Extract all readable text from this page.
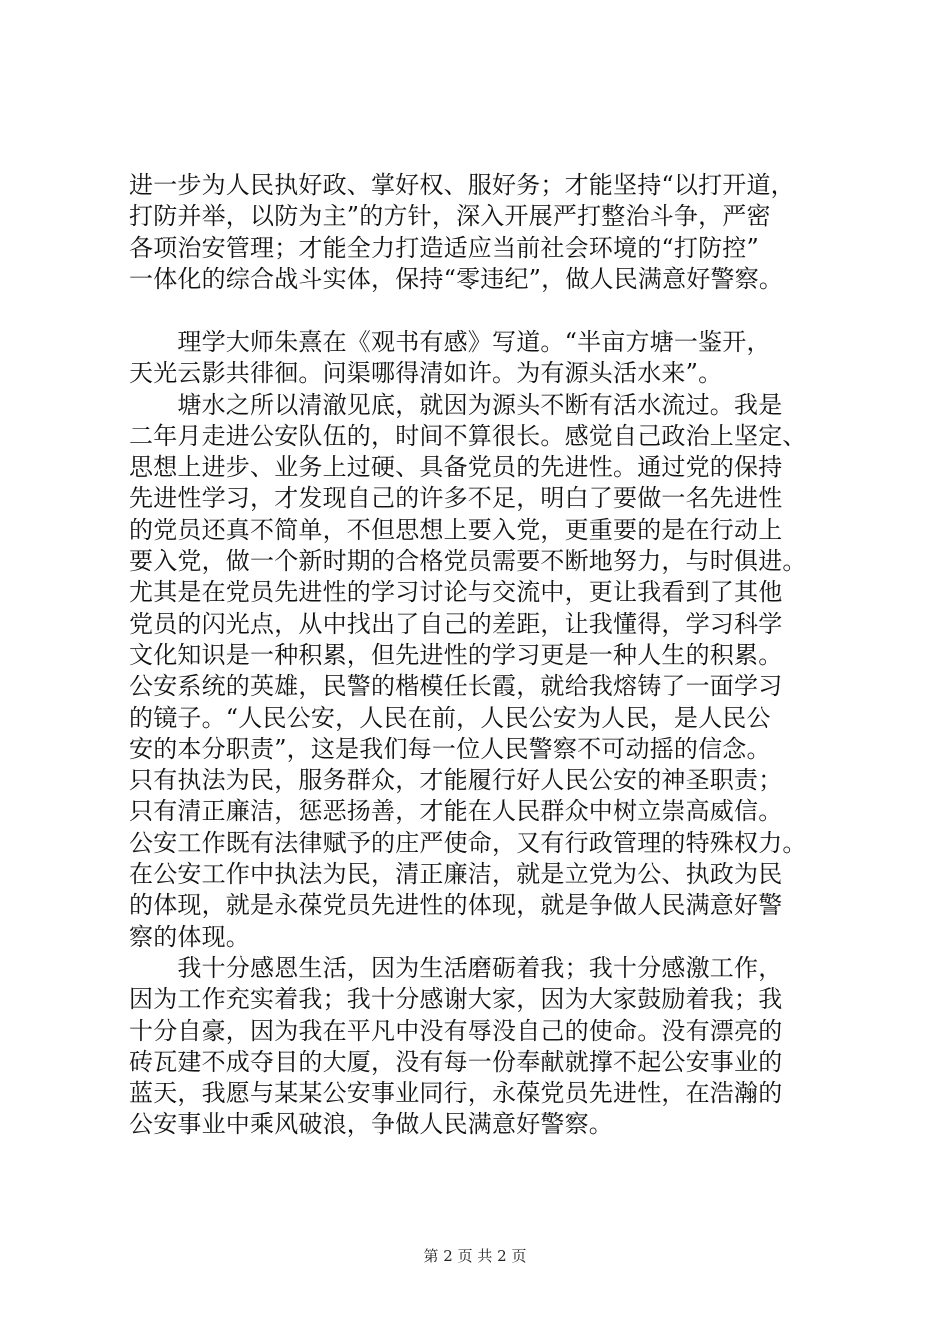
进一步为人民执好政、掌好权、服好务；才能坚持“以打开道，
打防并举，以防为主”的方针，深入开展严打整治斗争，严密
各项治安管理；才能全力打造适应当前社会环境的“打防控”
一体化的综合战斗实体，保持“零违纪”，做人民满意好警察。
　　理学大师朱熹在《观书有感》写道。“半亩方塘一鉴开，
天光云影共徘徊。问渠哪得清如许。为有源头活水来”。
　　塘水之所以清澈见底，就因为源头不断有活水流过。我是
二年月走进公安队伍的，时间不算很长。感觉自己政治上坚定、
思想上进步、业务上过硬、具备党员的先进性。通过党的保持
先进性学习，才发现自己的许多不足，明白了要做一名先进性
的党员还真不简单，不但思想上要入党，更重要的是在行动上
要入党，做一个新时期的合格党员需要不断地努力，与时俱进。
尤其是在党员先进性的学习讨论与交流中，更让我看到了其他
党员的闪光点，从中找出了自己的差距，让我懂得，学习科学
文化知识是一种积累，但先进性的学习更是一种人生的积累。
公安系统的英雄，民警的楷模任长霞，就给我熔铸了一面学习
的镜子。“人民公安，人民在前，人民公安为人民，是人民公
安的本分职责”，这是我们每一位人民警察不可动摇的信念。
只有执法为民，服务群众，才能履行好人民公安的神圣职责；
只有清正廉洁，惩恶扬善，才能在人民群众中树立崇高威信。
公安工作既有法律赋予的庄严使命，又有行政管理的特殊权力。
在公安工作中执法为民，清正廉洁，就是立党为公、执政为民
的体现，就是永葆党员先进性的体现，就是争做人民满意好警
察的体现。
　　我十分感恩生活，因为生活磨砺着我；我十分感激工作，
因为工作充实着我；我十分感谢大家，因为大家鼓励着我；我
十分自豪，因为我在平凡中没有辱没自己的使命。没有漂亮的
砖瓦建不成夺目的大厦，没有每一份奉献就撑不起公安事业的
蓝天，我愿与某某公安事业同行，永葆党员先进性，在浩瀚的
公安事业中乘风破浪，争做人民满意好警察。
第 2 页 共 2 页
